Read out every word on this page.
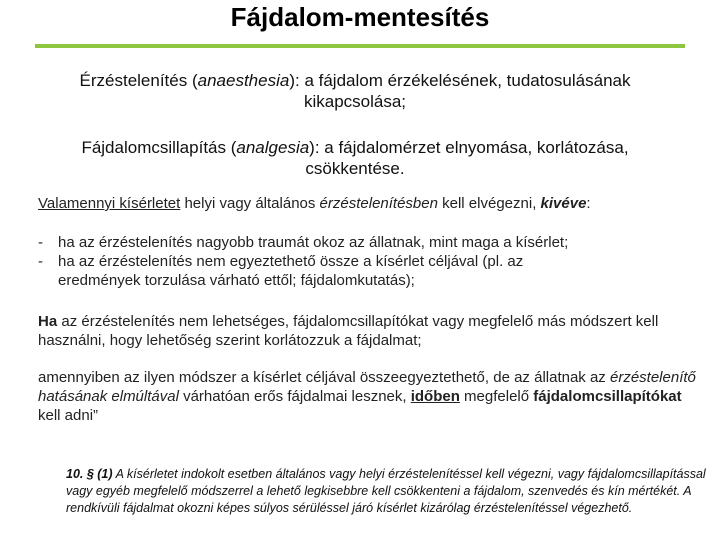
Fájdalom-mentesítés
Érzéstelenítés (anaesthesia): a fájdalom érzékelésének, tudatosulásának
kikapcsolása;
Fájdalomcsillapítás (analgesia): a fájdalomérzet elnyomása, korlátozása,
csökkentése.
Valamennyi kísérletet helyi vagy általános érzéstelenítésben kell elvégezni, kivéve:
-	ha az érzéstelenítés nagyobb traumát okoz az állatnak, mint maga a kísérlet;
-	ha az érzéstelenítés nem egyeztethető össze a kísérlet céljával (pl. az
eredmények torzulása várható ettől; fájdalomkutatás);
Ha az érzéstelenítés nem lehetséges, fájdalomcsillapítókat vagy megfelelő más módszert kell használni, hogy lehetőség szerint korlátozzuk a fájdalmat;
amennyiben az ilyen módszer a kísérlet céljával összeegyeztethető, de az állatnak az érzéstelenítő hatásának elmúltával várhatóan erős fájdalmai lesznek, időben megfelelő fájdalomcsillapítókat kell adni”
10. § (1) A kísérletet indokolt esetben általános vagy helyi érzéstelenítéssel kell végezni, vagy fájdalomcsillapítással vagy egyéb megfelelő módszerrel a lehető legkisebbre kell csökkenteni a fájdalom, szenvedés és kín mértékét. A rendkívüli fájdalmat okozni képes súlyos sérüléssel járó kísérlet kizárólag érzéstelenítéssel végezhető.
